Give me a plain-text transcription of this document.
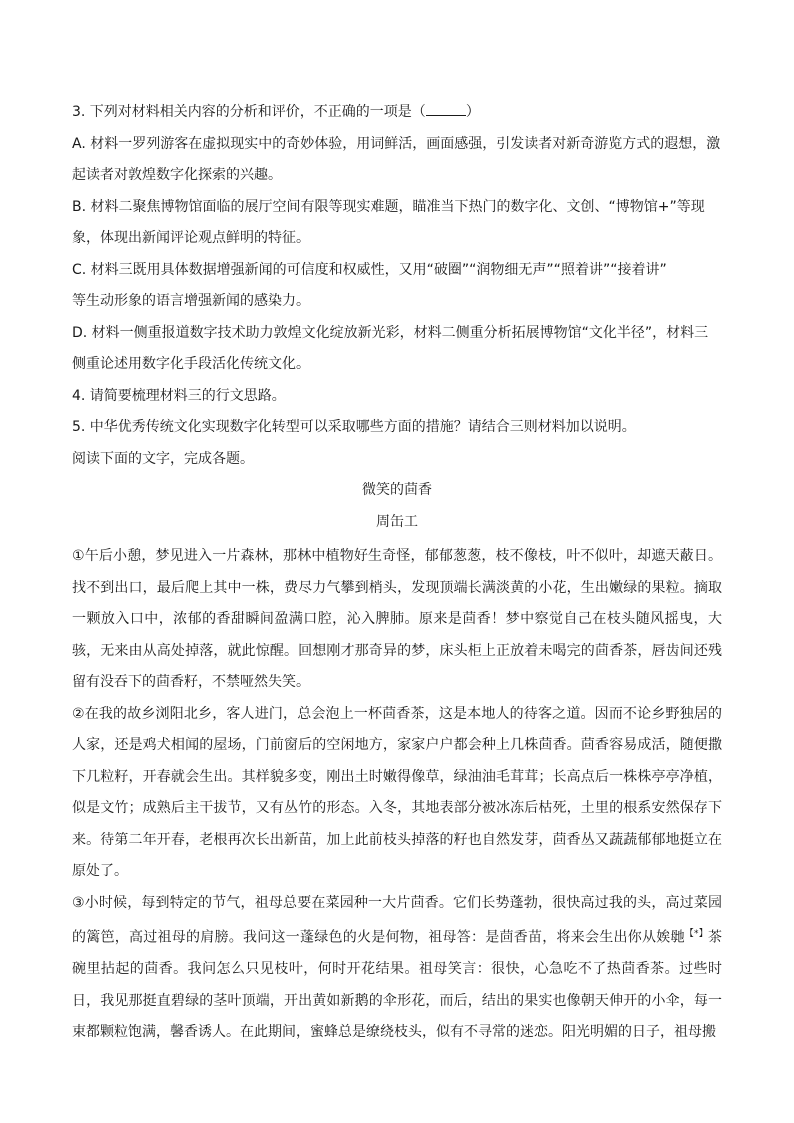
3. 下列对材料相关内容的分析和评价，不正确的一项是（	）
A. 材料一罗列游客在虚拟现实中的奇妙体验，用词鲜活，画面感强，引发读者对新奇游览方式的遐想，激
起读者对敦煌数字化探索的兴趣。
B. 材料二聚焦博物馆面临的展厅空间有限等现实难题，瞄准当下热门的数字化、文创、“博物馆+”等现
象，体现出新闻评论观点鲜明的特征。
C. 材料三既用具体数据增强新闻的可信度和权威性，又用“破圈”“润物细无声”“照着讲”“接着讲”
等生动形象的语言增强新闻的感染力。
D. 材料一侧重报道数字技术助力敦煌文化绽放新光彩，材料二侧重分析拓展博物馆“文化半径”，材料三
侧重论述用数字化手段活化传统文化。
4. 请简要梳理材料三的行文思路。
5. 中华优秀传统文化实现数字化转型可以采取哪些方面的措施？请结合三则材料加以说明。
阅读下面的文字，完成各题。
微笑的茴香
周缶工
①午后小憩，梦见进入一片森林，那林中植物好生奇怪，郁郁葱葱，枝不像枝，叶不似叶，却遮天蔽日。找不到出口，最后爬上其中一株，费尽力气攀到梢头，发现顶端长满淡黄的小花，生出嫩绿的果粒。摘取一颗放入口中，浓郁的香甜瞬间盈满口腔，沁入脾肺。原来是茴香！梦中察觉自己在枝头随风摇曳，大骇，无来由从高处掉落，就此惊醒。回想刚才那奇异的梦，床头柜上正放着未喝完的茴香茶，唇齿间还残留有没吞下的茴香籽，不禁哑然失笑。
②在我的故乡浏阳北乡，客人进门，总会泡上一杯茴香茶，这是本地人的待客之道。因而不论乡野独居的人家，还是鸡犬相闻的屋场，门前窗后的空闲地方，家家户户都会种上几株茴香。茴香容易成活，随便撒下几粒籽，开春就会生出。其样貌多变，刚出土时嫩得像草，绿油油毛茸茸；长高点后一株株亭亭净植，似是文竹；成熟后主干拔节，又有丛竹的形态。入冬，其地表部分被冰冻后枯死，土里的根系安然保存下来。待第二年开春，老根再次长出新苗，加上此前枝头掉落的籽也自然发芽，茴香丛又蔬蔬郁郁地挺立在原处了。
③小时候，每到特定的节气，祖母总要在菜园种一大片茴香。它们长势蓬勃，很快高过我的头，高过菜园的篱笆，高过祖母的肩膀。我问这一蓬绿色的火是何物，祖母答：是茴香苗，将来会生出你从娭毑【*】茶碗里拈起的茴香。我问怎么只见枝叶，何时开花结果。祖母笑言：很快，心急吃不了热茴香茶。过些时日，我见那挺直碧绿的茎叶顶端，开出黄如新鹅的伞形花，而后，结出的果实也像朝天伸开的小伞，每一束都颗粒饱满，馨香诱人。在此期间，蜜蜂总是缭绕枝头，似有不寻常的迷恋。阳光明媚的日子，祖母搬
